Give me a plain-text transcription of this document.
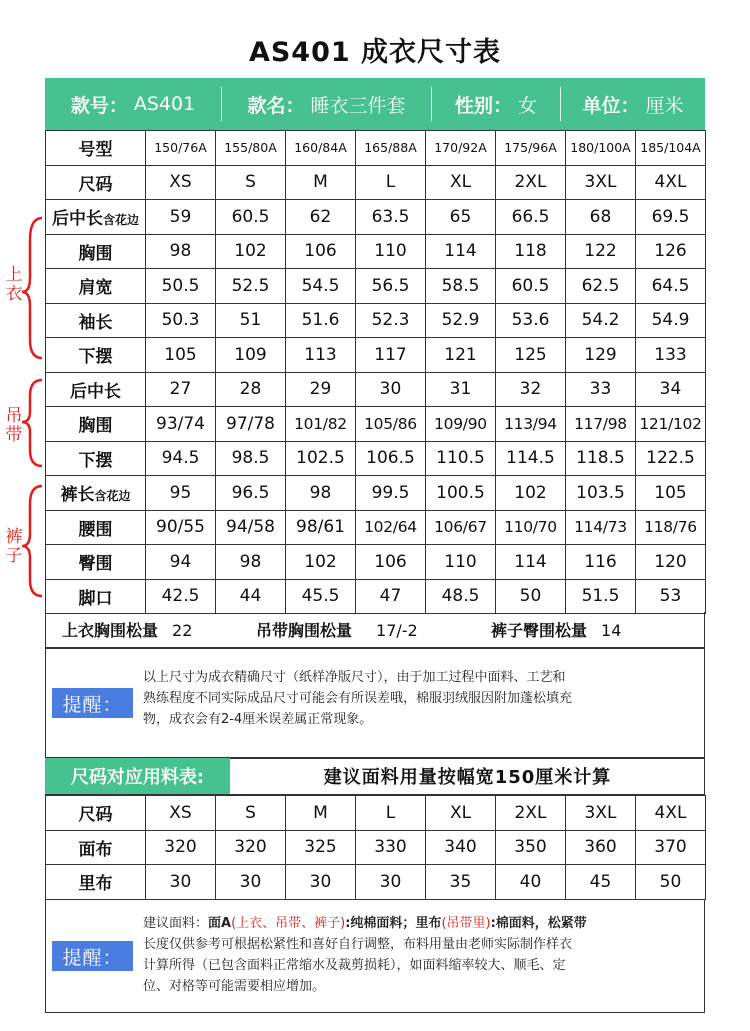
AS401 成衣尺寸表
款号： AS401	款名： 睡衣三件套	性别： 女 单位： 厘米
号型	150/76A	155/80A	160/84A	165/88A	170/92A	175/96A	180/100A	185/104A
尺码	XS	S	M	L	XL	2XL	3XL	4XL
后中长含花边	59	60.5	62	63.5	65	66.5	68	69.5
胸围	98	102	106	110	114	118	122	126
肩宽	50.5	52.5	54.5	56.5	58.5	60.5	62.5	64.5
袖长	50.3	51	51.6	52.3	52.9	53.6	54.2	54.9
下摆	105	109	113	117	121	125	129	133
后中长	27	28	29	30	31	32	33	34
胸围	93/74	97/78	101/82	105/86	109/90	113/94	117/98	121/102
下摆	94.5	98.5	102.5	106.5	110.5	114.5	118.5	122.5
裤长含花边	95	96.5	98	99.5	100.5	102	103.5	105
腰围	90/55	94/58	98/61	102/64	106/67	110/70	114/73	118/76
臀围	94	98	102	106	110	114	116	120
脚口	42.5	44	45.5	47	48.5	50	51.5	53
上衣
吊带
裤子
上衣胸围松量 22	吊带胸围松量 17/-2	裤子臀围松量 14
提醒：
以上尺寸为成衣精确尺寸（纸样净版尺寸），由于加工过程中面料、工艺和
熟练程度不同实际成品尺寸可能会有所误差哦，棉服羽绒服因附加蓬松填充
物，成衣会有2-4厘米误差属正常现象。
尺码对应用料表:	建议面料用量按幅宽150厘米计算
尺码	XS	S	M	L	XL	2XL	3XL	4XL
面布	320	320	325	330	340	350	360	370
里布	30	30	30	30	35	40	45	50
提醒：
建议面料：面A(上衣、吊带、裤子):纯棉面料；里布(吊带里):棉面料，松紧带
长度仅供参考可根据松紧性和喜好自行调整，布料用量由老师实际制作样衣
计算所得（已包含面料正常缩水及裁剪损耗），如面料缩率较大、顺毛、定
位、对格等可能需要相应增加。
